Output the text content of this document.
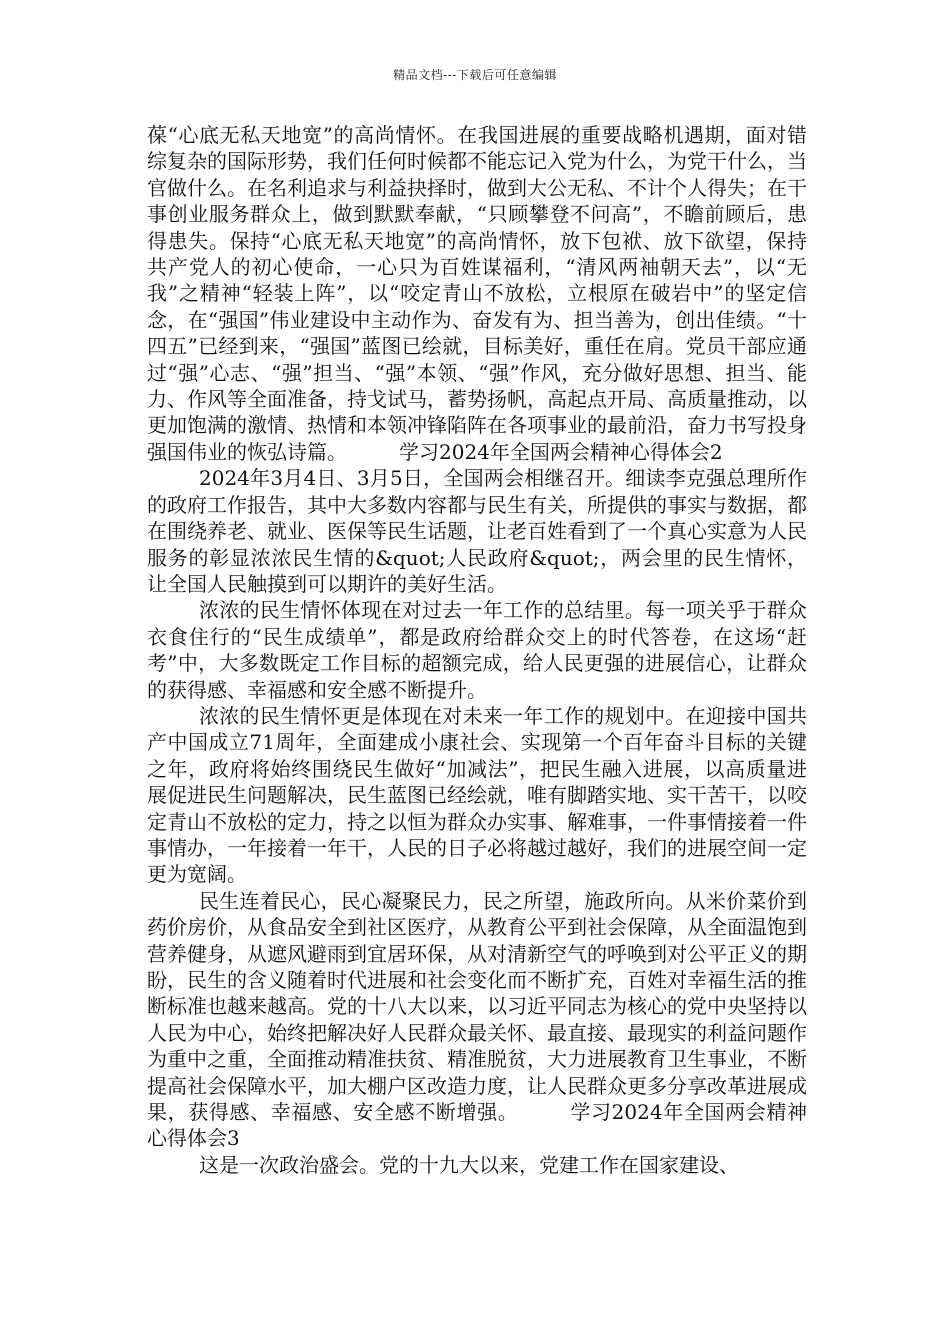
精品文档---下载后可任意编辑

葆“心底无私天地宽”的高尚情怀。在我国进展的重要战略机遇期，面对错综复杂的国际形势，我们任何时候都不能忘记入党为什么，为党干什么，当官做什么。在名利追求与利益抉择时，做到大公无私、不计个人得失；在干事创业服务群众上，做到默默奉献，“只顾攀登不问高”，不瞻前顾后，患得患失。保持“心底无私天地宽”的高尚情怀，放下包袱、放下欲望，保持共产党人的初心使命，一心只为百姓谋福利，“清风两袖朝天去”，以“无我”之精神“轻装上阵”，以“咬定青山不放松，立根原在破岩中”的坚定信念，在“强国”伟业建设中主动作为、奋发有为、担当善为，创出佳绩。“十四五”已经到来，“强国”蓝图已绘就，目标美好，重任在肩。党员干部应通过“强”心志、“强”担当、“强”本领、“强”作风，充分做好思想、担当、能力、作风等全面准备，持戈试马，蓄势扬帆，高起点开局、高质量推动，以更加饱满的激情、热情和本领冲锋陷阵在各项事业的最前沿，奋力书写投身强国伟业的恢弘诗篇。	学习2024年全国两会精神心得体会2

2024年3月4日、3月5日，全国两会相继召开。细读李克强总理所作的政府工作报告，其中大多数内容都与民生有关，所提供的事实与数据，都在围绕养老、就业、医保等民生话题，让老百姓看到了一个真心实意为人民服务的彰显浓浓民生情的&quot;人民政府&quot;，两会里的民生情怀，让全国人民触摸到可以期许的美好生活。

浓浓的民生情怀体现在对过去一年工作的总结里。每一项关乎于群众衣食住行的“民生成绩单”，都是政府给群众交上的时代答卷，在这场“赶考”中，大多数既定工作目标的超额完成，给人民更强的进展信心，让群众的获得感、幸福感和安全感不断提升。

浓浓的民生情怀更是体现在对未来一年工作的规划中。在迎接中国共产中国成立71周年，全面建成小康社会、实现第一个百年奋斗目标的关键之年，政府将始终围绕民生做好“加减法”，把民生融入进展，以高质量进展促进民生问题解决，民生蓝图已经绘就，唯有脚踏实地、实干苦干，以咬定青山不放松的定力，持之以恒为群众办实事、解难事，一件事情接着一件事情办，一年接着一年干，人民的日子必将越过越好，我们的进展空间一定更为宽阔。

民生连着民心，民心凝聚民力，民之所望，施政所向。从米价菜价到药价房价，从食品安全到社区医疗，从教育公平到社会保障，从全面温饱到营养健身，从遮风避雨到宜居环保，从对清新空气的呼唤到对公平正义的期盼，民生的含义随着时代进展和社会变化而不断扩充，百姓对幸福生活的推断标准也越来越高。党的十八大以来，以习近平同志为核心的党中央坚持以人民为中心，始终把解决好人民群众最关怀、最直接、最现实的利益问题作为重中之重，全面推动精准扶贫、精准脱贫，大力进展教育卫生事业，不断提高社会保障水平，加大棚户区改造力度，让人民群众更多分享改革进展成果，获得感、幸福感、安全感不断增强。	学习2024年全国两会精神心得体会3

这是一次政治盛会。党的十九大以来，党建工作在国家建设、
